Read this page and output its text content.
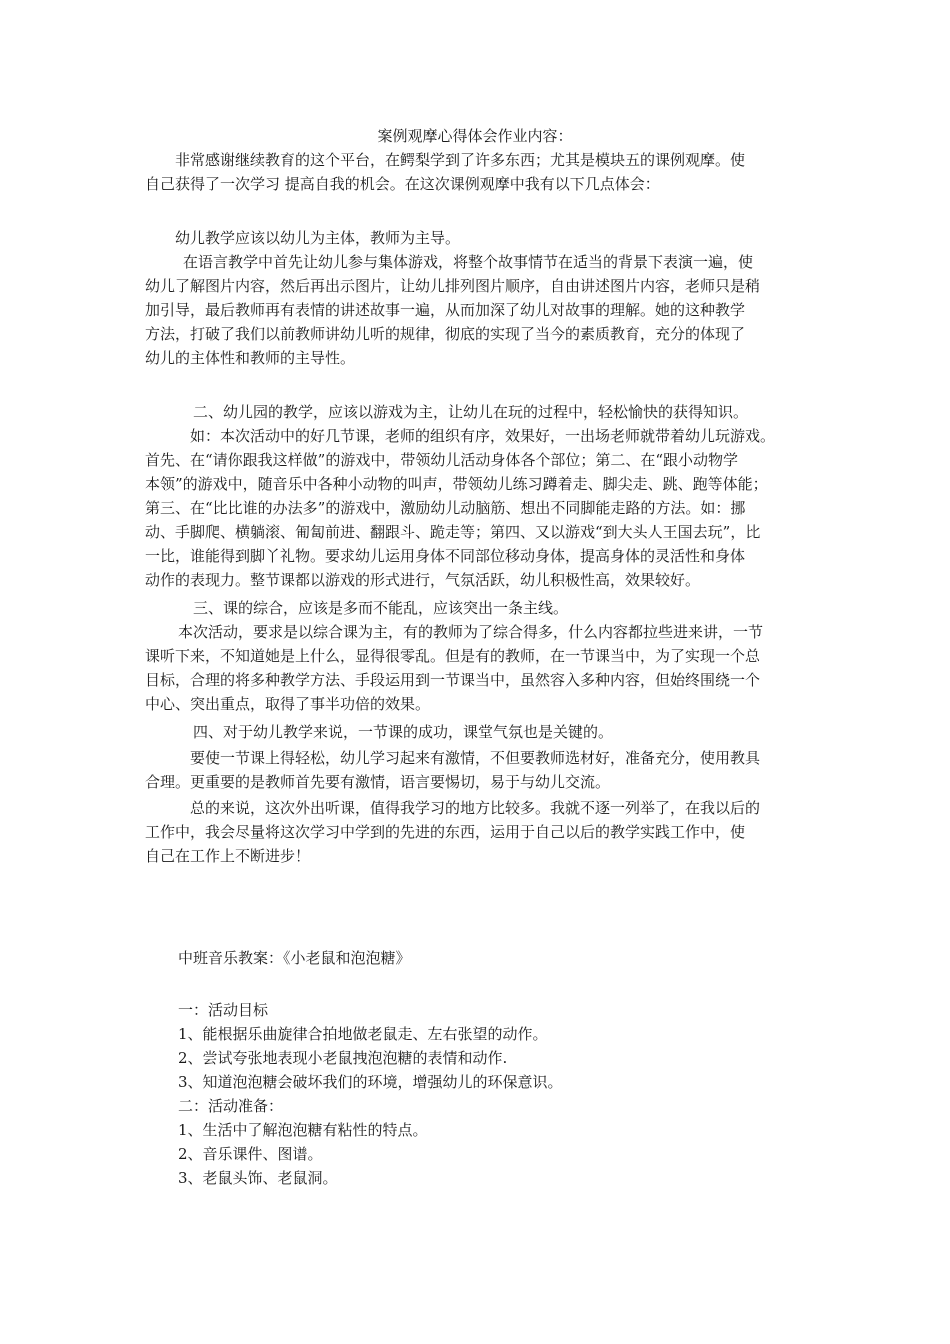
案例观摩心得体会作业内容：
非常感谢继续教育的这个平台，在鳄梨学到了许多东西；尤其是模块五的课例观摩。使
自己获得了一次学习 提高自我的机会。在这次课例观摩中我有以下几点体会：
幼儿教学应该以幼儿为主体，教师为主导。
在语言教学中首先让幼儿参与集体游戏，将整个故事情节在适当的背景下表演一遍，使
幼儿了解图片内容，然后再出示图片，让幼儿排列图片顺序，自由讲述图片内容，老师只是稍
加引导，最后教师再有表情的讲述故事一遍，从而加深了幼儿对故事的理解。她的这种教学
方法，打破了我们以前教师讲幼儿听的规律，彻底的实现了当今的素质教育，充分的体现了
幼儿的主体性和教师的主导性。
二、幼儿园的教学，应该以游戏为主，让幼儿在玩的过程中，轻松愉快的获得知识。
如：本次活动中的好几节课，老师的组织有序，效果好，一出场老师就带着幼儿玩游戏。
首先、在“请你跟我这样做”的游戏中，带领幼儿活动身体各个部位；第二、在“跟小动物学
本领”的游戏中，随音乐中各种小动物的叫声，带领幼儿练习蹲着走、脚尖走、跳、跑等体能；
第三、在“比比谁的办法多”的游戏中，激励幼儿动脑筋、想出不同脚能走路的方法。如：挪
动、手脚爬、横躺滚、匍匐前进、翻跟斗、跪走等；第四、又以游戏“到大头人王国去玩”，比
一比，谁能得到脚丫礼物。要求幼儿运用身体不同部位移动身体，提高身体的灵活性和身体
动作的表现力。整节课都以游戏的形式进行，气氛活跃，幼儿积极性高，效果较好。
三、课的综合，应该是多而不能乱，应该突出一条主线。
本次活动，要求是以综合课为主，有的教师为了综合得多，什么内容都拉些进来讲，一节
课听下来，不知道她是上什么，显得很零乱。但是有的教师，在一节课当中，为了实现一个总
目标，合理的将多种教学方法、手段运用到一节课当中，虽然容入多种内容，但始终围绕一个
中心、突出重点，取得了事半功倍的效果。
四、对于幼儿教学来说，一节课的成功，课堂气氛也是关键的。
要使一节课上得轻松，幼儿学习起来有激情，不但要教师选材好，准备充分，使用教具
合理。更重要的是教师首先要有激情，语言要惕切，易于与幼儿交流。
总的来说，这次外出听课，值得我学习的地方比较多。我就不逐一列举了，在我以后的
工作中，我会尽量将这次学习中学到的先进的东西，运用于自己以后的教学实践工作中，使
自己在工作上不断进步！
中班音乐教案：《小老鼠和泡泡糖》
一：活动目标
1、能根据乐曲旋律合拍地做老鼠走、左右张望的动作。
2、尝试夸张地表现小老鼠拽泡泡糖的表情和动作.
3、知道泡泡糖会破坏我们的环境，增强幼儿的环保意识。
二：活动准备：
1、生活中了解泡泡糖有粘性的特点。
2、音乐课件、图谱。
3、老鼠头饰、老鼠洞。
